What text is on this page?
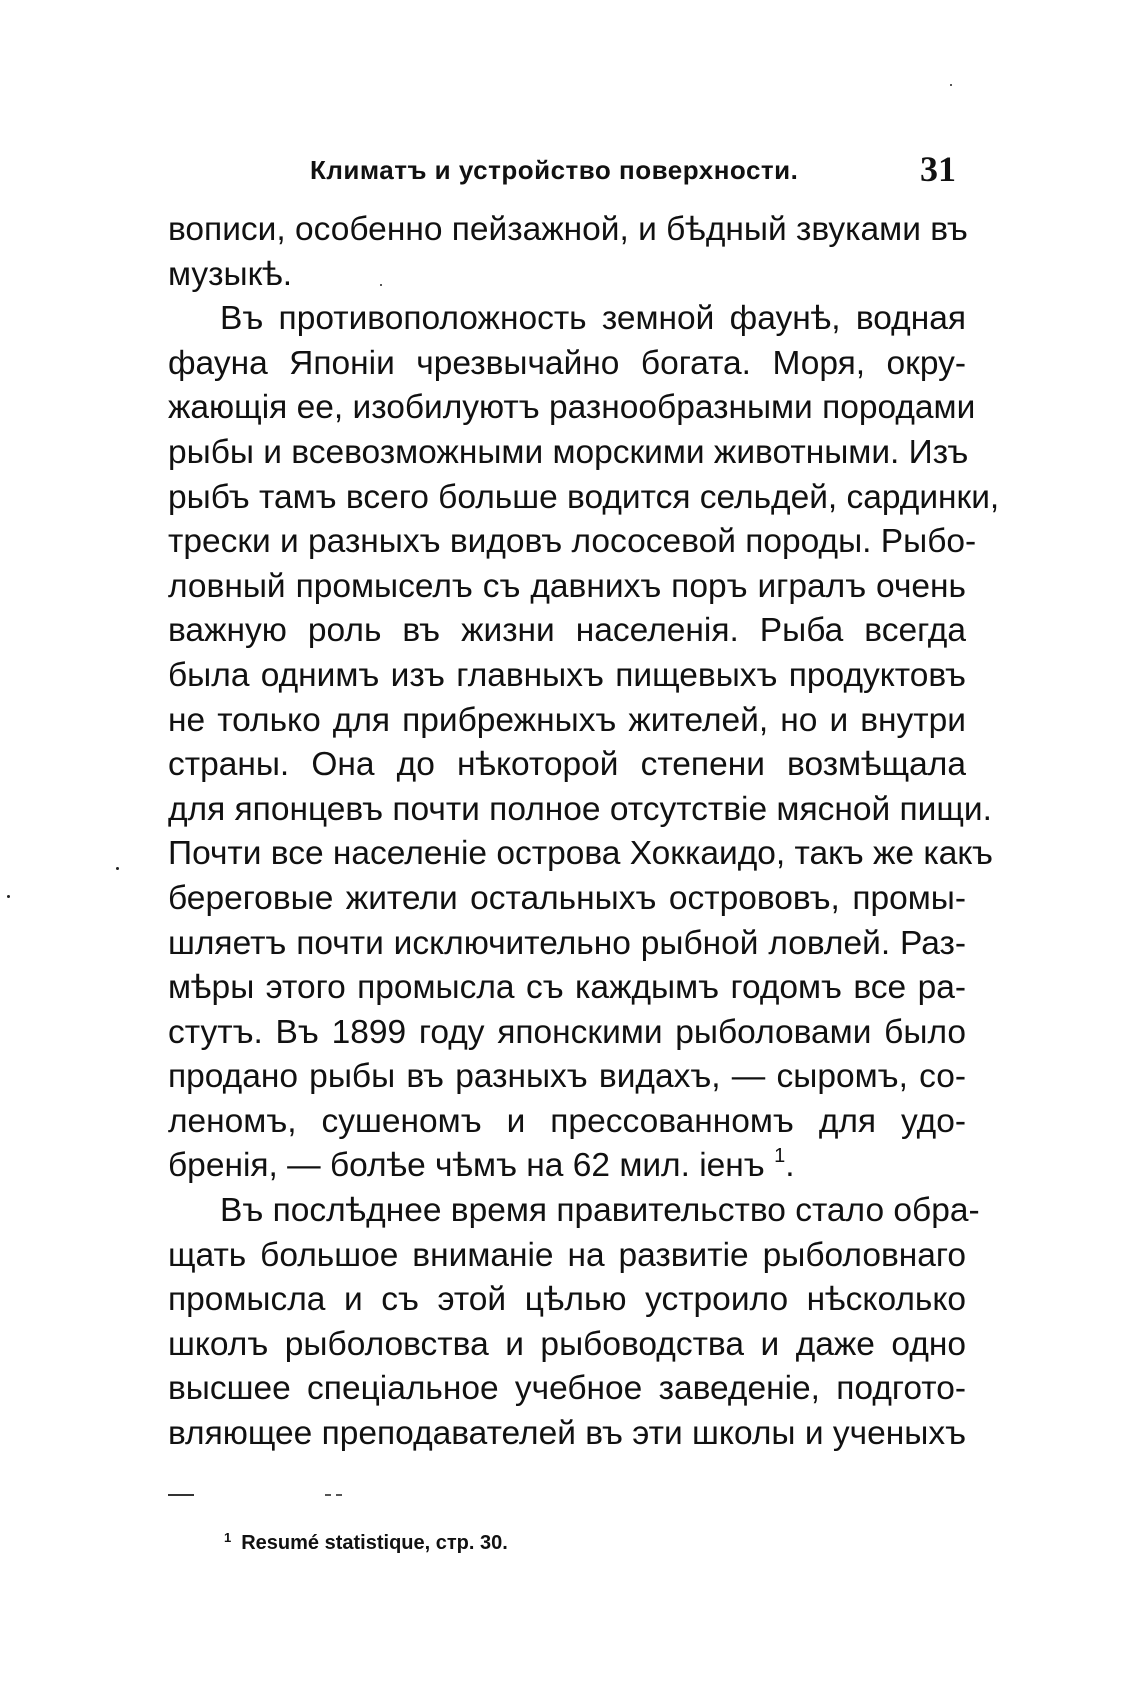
Климатъ и устройство поверхности.	31

вописи, особенно пейзажной, и бѣдный звуками въ
музыкѣ.

Въ противоположность земной фаунѣ, водная
фауна Японіи чрезвычайно богата. Моря, окру-
жающія ее, изобилуютъ разнообразными породами
рыбы и всевозможными морскими животными. Изъ
рыбъ тамъ всего больше водится сельдей, сардинки,
трески и разныхъ видовъ лососевой породы. Рыбо-
ловный промыселъ съ давнихъ поръ игралъ очень
важную роль въ жизни населенія. Рыба всегда
была однимъ изъ главныхъ пищевыхъ продуктовъ
не только для прибрежныхъ жителей, но и внутри
страны. Она до нѣкоторой степени возмѣщала
для японцевъ почти полное отсутствіе мясной пищи.
Почти все населеніе острова Хоккаидо, такъ же какъ
береговые жители остальныхъ острововъ, промы-
шляетъ почти исключительно рыбной ловлей. Раз-
мѣры этого промысла съ каждымъ годомъ все ра-
стутъ. Въ 1899 году японскими рыболовами было
продано рыбы въ разныхъ видахъ, — сыромъ, со-
леномъ, сушеномъ и прессованномъ для удо-
бренія, — болѣе чѣмъ на 62 мил. іенъ $^1$.

Въ послѣднее время правительство стало обра-
щать большое вниманіе на развитіе рыболовнаго
промысла и съ этой цѣлью устроило нѣсколько
школъ рыболовства и рыбоводства и даже одно
высшее спеціальное учебное заведеніе, подгото-
вляющее преподавателей въ эти школы и ученыхъ

$^1$ Resumé statistique, стр. 30.
